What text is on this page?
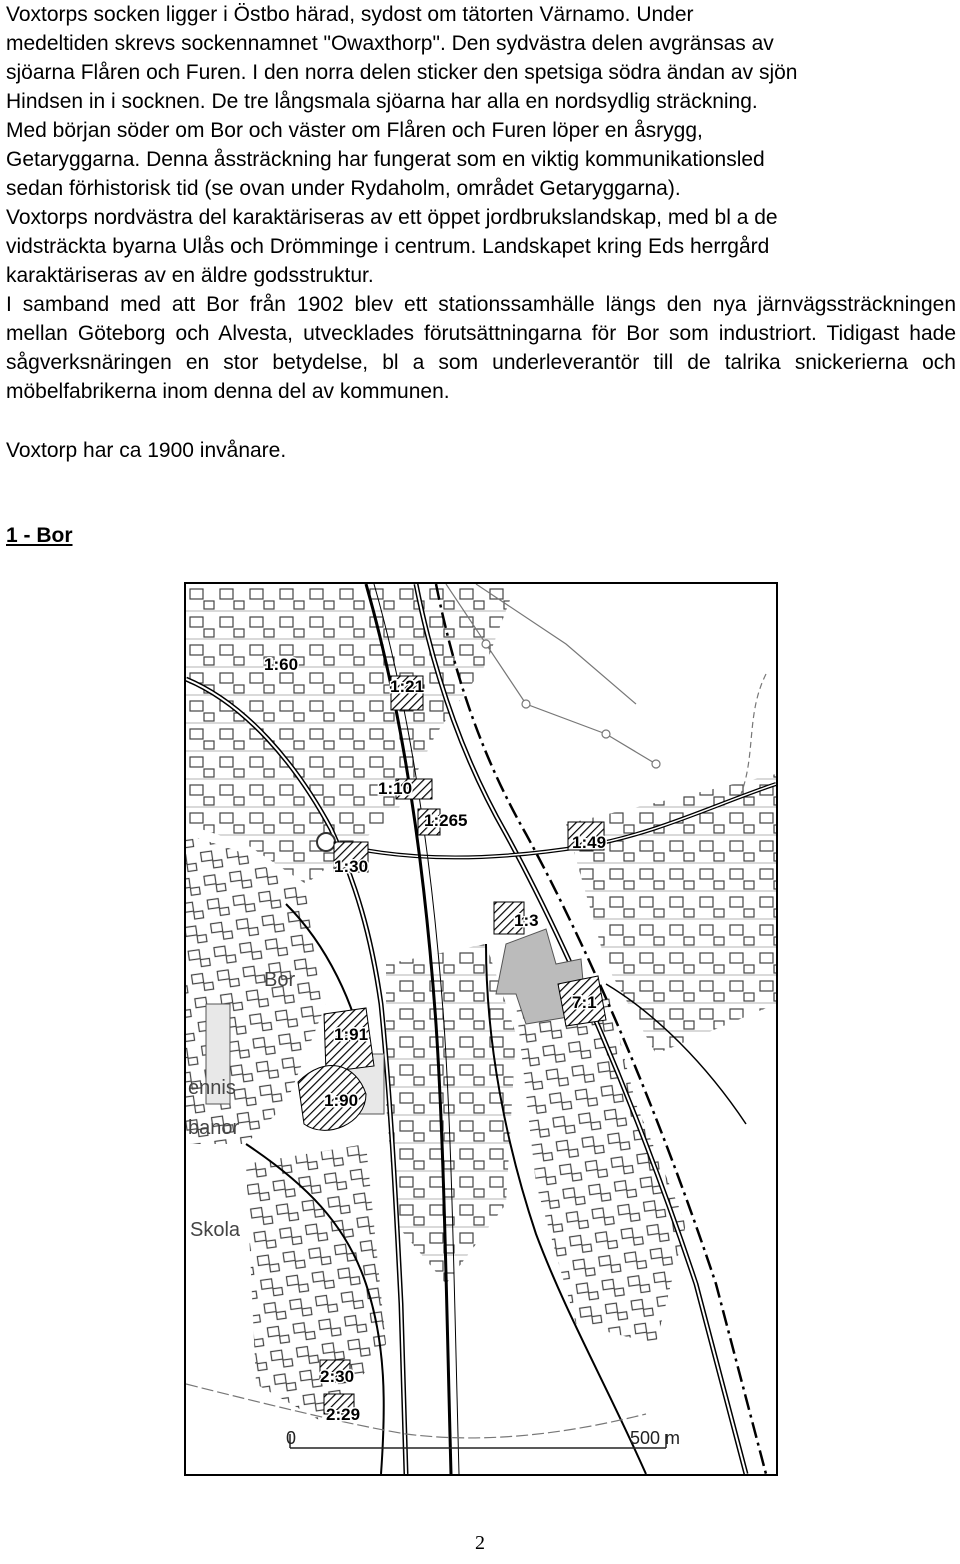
Voxtorps socken ligger i Östbo härad, sydost om tätorten Värnamo. Under
medeltiden skrevs sockennamnet "Owaxthorp". Den sydvästra delen avgränsas av
sjöarna Flåren och Furen. I den norra delen sticker den spetsiga södra ändan av sjön
Hindsen in i socknen. De tre långsmala sjöarna har alla en nordsydlig sträckning.
Med början söder om Bor och väster om Flåren och Furen löper en åsrygg,
Getaryggarna. Denna åssträckning har fungerat som en viktig kommunikationsled
sedan förhistorisk tid (se ovan under Rydaholm, området Getaryggarna).
Voxtorps nordvästra del karaktäriseras av ett öppet jordbrukslandskap, med bl a de
vidsträckta byarna Ulås och Drömminge i centrum. Landskapet kring Eds herrgård
karaktäriseras av en äldre godsstruktur.

I samband med att Bor från 1902 blev ett stationssamhälle längs den nya järnvägssträckningen mellan Göteborg och Alvesta, utvecklades förutsättningarna för Bor som industriort. Tidigast hade sågverksnäringen en stor betydelse, bl a som underleverantör till de talrika snickerierna och möbelfabrikerna inom denna del av kommunen.

Voxtorp har ca 1900 invånare.

1 - Bor
1:60
1:21
1:10
1:265
1:49
1:30
1:3
7:1
1:91
1:90
2:30
2:29
Bor
ennis
banor
Skola
0	500 m
2
